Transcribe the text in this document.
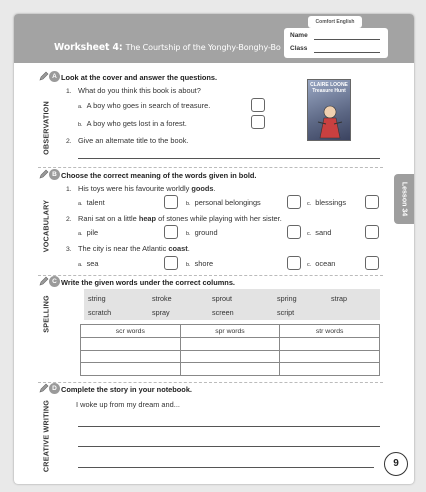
Comfort English
Worksheet 4: The Courtship of the Yonghy-Bonghy-Bo
Name
Class
Lesson 34
A
OBSERVATION
Look at the cover and answer the questions.
1. What do you think this book is about?
a. A boy who goes in search of treasure.
b. A boy who gets lost in a forest.
2. Give an alternate title to the book.
CLAIRE LOONE Treasure Hunt
B
VOCABULARY
Choose the correct meaning of the words given in bold.
1. His toys were his favourite worldly goods.
a. talent	b. personal belongings	c. blessings
2. Rani sat on a little heap of stones while playing with her sister.
a. pile	b. ground	c. sand
3. The city is near the Atlantic coast.
a. sea	b. shore	c. ocean
C
SPELLING
Write the given words under the correct columns.
string	stroke	sprout	spring	strap
scratch	spray	screen	script
scr words	spr words	str words

D
CREATIVE WRITING
Complete the story in your notebook.
I woke up from my dream and...
9
